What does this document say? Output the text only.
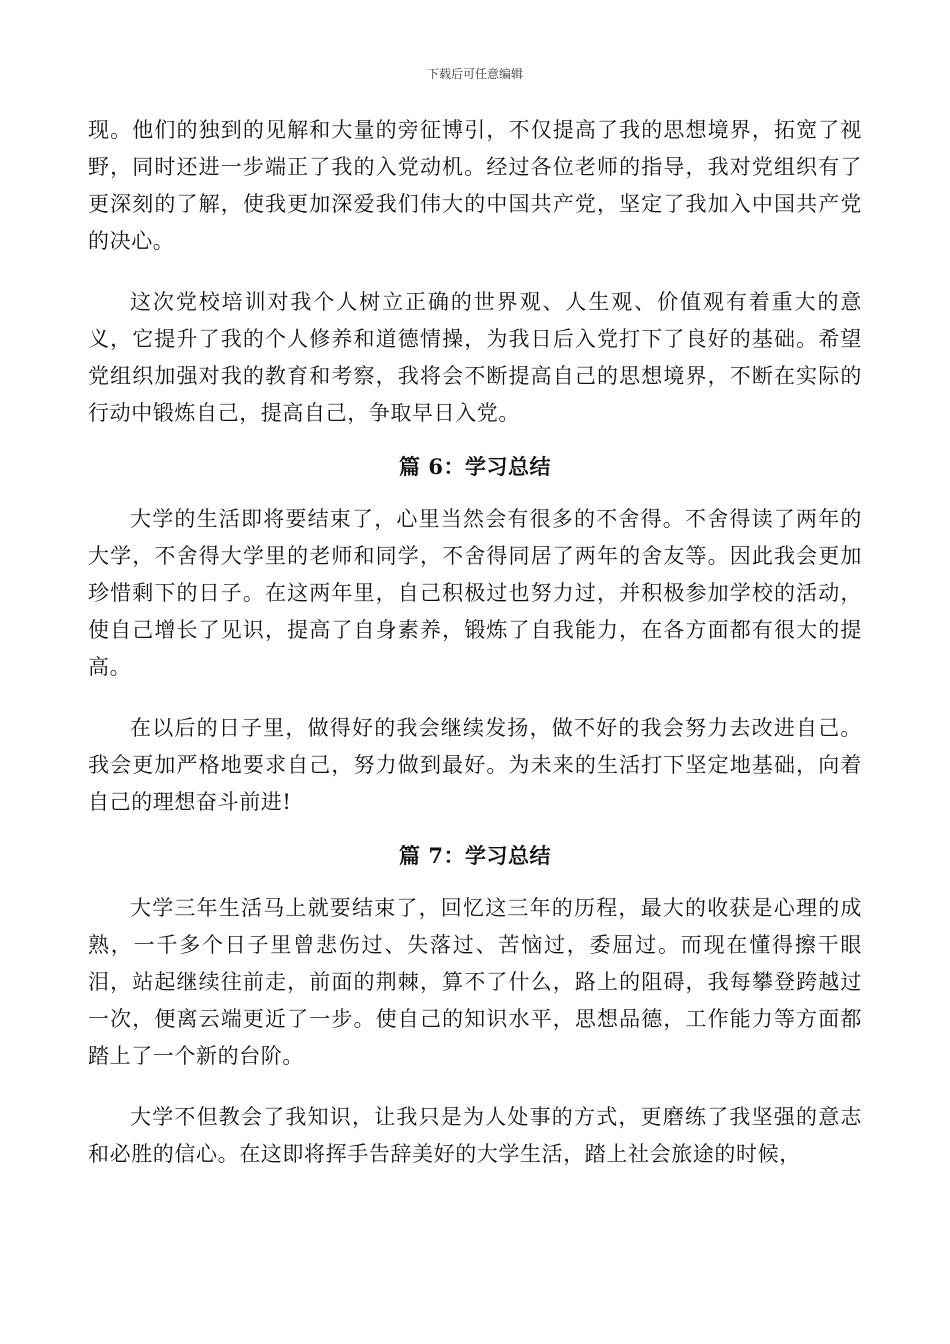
下载后可任意编辑

现。他们的独到的见解和大量的旁征博引，不仅提高了我的思想境界，拓宽了视野，同时还进一步端正了我的入党动机。经过各位老师的指导，我对党组织有了更深刻的了解，使我更加深爱我们伟大的中国共产党，坚定了我加入中国共产党的决心。

这次党校培训对我个人树立正确的世界观、人生观、价值观有着重大的意义，它提升了我的个人修养和道德情操，为我日后入党打下了良好的基础。希望党组织加强对我的教育和考察，我将会不断提高自己的思想境界，不断在实际的行动中锻炼自己，提高自己，争取早日入党。

篇 6：学习总结

大学的生活即将要结束了，心里当然会有很多的不舍得。不舍得读了两年的大学，不舍得大学里的老师和同学，不舍得同居了两年的舍友等。因此我会更加珍惜剩下的日子。在这两年里，自己积极过也努力过，并积极参加学校的活动，使自己增长了见识，提高了自身素养，锻炼了自我能力，在各方面都有很大的提高。

在以后的日子里，做得好的我会继续发扬，做不好的我会努力去改进自己。我会更加严格地要求自己，努力做到最好。为未来的生活打下坚定地基础，向着自己的理想奋斗前进!

篇 7：学习总结

大学三年生活马上就要结束了，回忆这三年的历程，最大的收获是心理的成熟，一千多个日子里曾悲伤过、失落过、苦恼过，委屈过。而现在懂得擦干眼泪，站起继续往前走，前面的荆棘，算不了什么，路上的阻碍，我每攀登跨越过一次，便离云端更近了一步。使自己的知识水平，思想品德，工作能力等方面都踏上了一个新的台阶。

大学不但教会了我知识，让我只是为人处事的方式，更磨练了我坚强的意志和必胜的信心。在这即将挥手告辞美好的大学生活，踏上社会旅途的时候，
